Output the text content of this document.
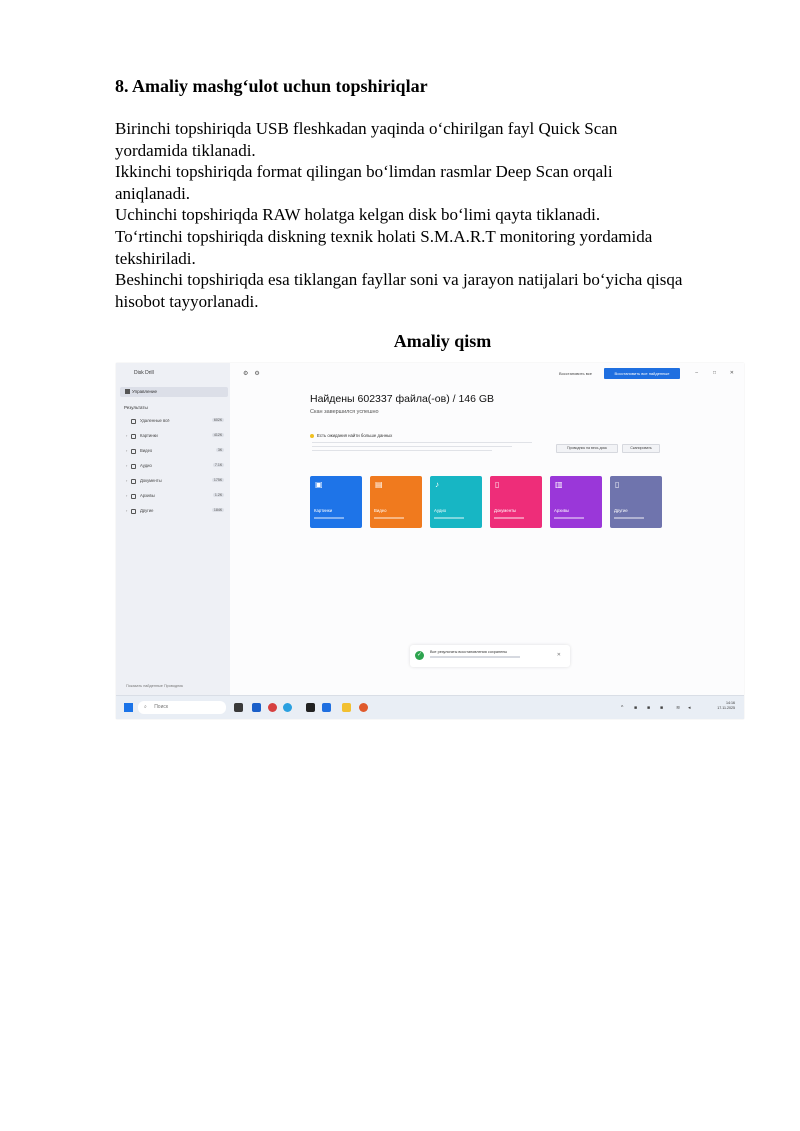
8. Amaliy mashg‘ulot uchun topshiriqlar

Birinchi topshiriqda USB fleshkadan yaqinda o‘chirilgan fayl Quick Scan

yordamida tiklanadi.

Ikkinchi topshiriqda format qilingan bo‘limdan rasmlar Deep Scan orqali

aniqlanadi.

Uchinchi topshiriqda RAW holatga kelgan disk bo‘limi qayta tiklanadi.

To‘rtinchi topshiriqda diskning texnik holati S.M.A.R.T monitoring yordamida

tekshiriladi.

Beshinchi topshiriqda esa tiklangan fayllar soni va jarayon natijalari bo‘yicha qisqa

hisobot tayyorlanadi.

Amaliy qism
Disk Drill
Управление
Результаты
Удаленные всё	602К
›	Картинки	412К
›	Видео	3К
›	Аудио	7.1К
›	Документы	175К
›	Архивы	1.2К
›	Другие	184К
Показать найденные Проводник
⚙ ⚙	Восстановить все	Восстановить все найденные	–	□	✕
Найдены 602337 файла(-ов) / 146 GB
Скан завершился успешно
Есть ожидания найти больше данных
Проводник на весь диск	Сканировать
▣
Картинки
▤
Видео
♪
Аудио
▯
Документы
▥
Архивы
▯
Другие
✓	Все результаты восстановления сохранены	✕
⌕ Поиск	^ ■ ■ ■	≋ ◂
14:16
17.11.2025
